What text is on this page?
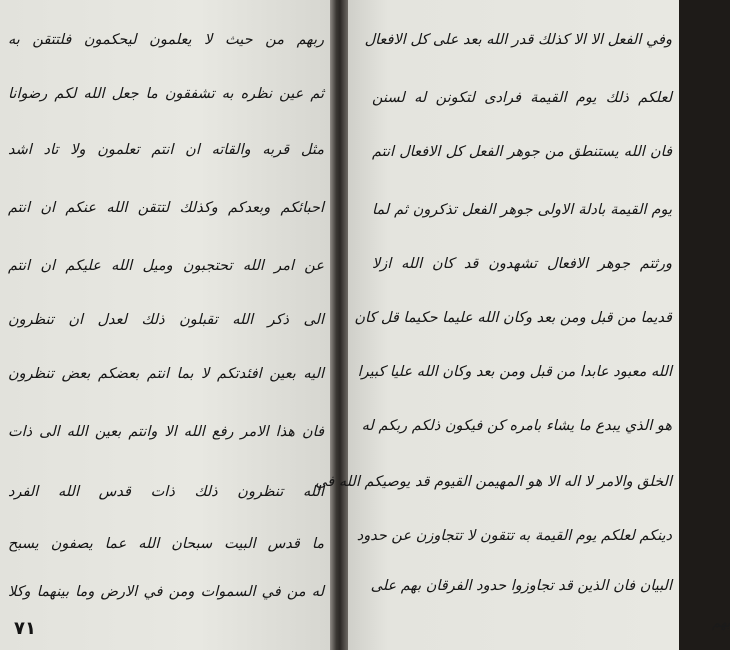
ربهم من حيث لا يعلمون ليحكمون فلتتقن به

ثم عين نظره به تشفقون ما جعل الله لكم رضوانا

مثل قربه والقاته ان انتم تعلمون ولا تاد اشد

احبائكم وبعدكم وكذلك لتتقن الله عنكم ان انتم

عن امر الله تحتجبون وميل الله عليكم ان انتم

الى ذكر الله تقبلون ذلك لعدل ان تنظرون

اليه بعين افئدتكم لا بما انتم بعضكم بعض تنظرون

فان هذا الامر رفع الله الا وانتم بعين الله الى ذات

الله تنظرون ذلك ذات قدس الله الفرد

ما قدس البيت سبحان الله عما يصفون يسبح

له من في السموات ومن في الارض وما بينهما وكلا

٧١

وفي الفعل الا الا كذلك قدر الله بعد على كل الافعال

لعلكم ذلك يوم القيمة فرادى لتكونن له لسنن

فان الله يستنطق من جوهر الفعل كل الافعال انتم

يوم القيمة بادلة الاولى جوهر الفعل تذكرون ثم لما

ورثتم جوهر الافعال تشهدون قد كان الله ازلا

قديما من قبل ومن بعد وكان الله عليما حكيما قل كان

الله معبود عابدا من قبل ومن بعد وكان الله عليا كبيرا

هو الذي يبدع ما يشاء بامره كن فيكون ذلكم ربكم له

الخلق والامر لا اله الا هو المهيمن القيوم قد يوصيكم الله في

دينكم لعلكم يوم القيمة به تتقون لا تتجاوزن عن حدود

البيان فان الذين قد تجاوزوا حدود الفرقان بهم على

بهم
